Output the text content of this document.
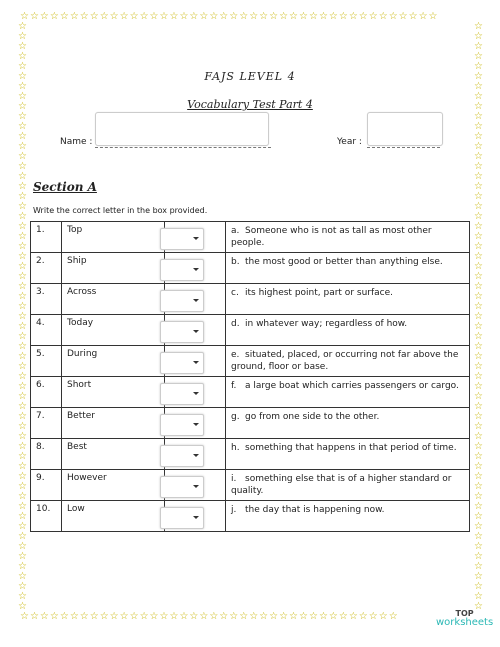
☆☆☆☆☆☆☆☆☆☆☆☆☆☆☆☆☆☆☆☆☆☆☆☆☆☆☆☆☆☆☆☆☆☆☆☆☆☆☆☆☆☆
☆☆☆☆☆☆☆☆☆☆☆☆☆☆☆☆☆☆☆☆☆☆☆☆☆☆☆☆☆☆☆☆☆☆☆☆☆☆☆☆☆☆☆☆☆☆☆☆☆☆☆☆☆☆☆☆☆☆☆
☆☆☆☆☆☆☆☆☆☆☆☆☆☆☆☆☆☆☆☆☆☆☆☆☆☆☆☆☆☆☆☆☆☆☆☆☆☆☆☆☆☆☆☆☆☆☆☆☆☆☆☆☆☆☆☆☆☆☆
☆☆☆☆☆☆☆☆☆☆☆☆☆☆☆☆☆☆☆☆☆☆☆☆☆☆☆☆☆☆☆☆☆☆☆☆☆☆
FAJS LEVEL 4
Vocabulary Test Part 4
Name :	Year :
Section A
Write the correct letter in the box provided.
1.	Top		a. Someone who is not as tall as most other people.
2.	Ship		b. the most good or better than anything else.
3.	Across		c. its highest point, part or surface.
4.	Today		d. in whatever way; regardless of how.
5.	During		e. situated, placed, or occurring not far above the ground, floor or base.
6.	Short		f. a large boat which carries passengers or cargo.
7.	Better		g. go from one side to the other.
8.	Best		h. something that happens in that period of time.
9.	However		i. something else that is of a higher standard or quality.
10.	Low		j. the day that is happening now.
TOP
worksheets
